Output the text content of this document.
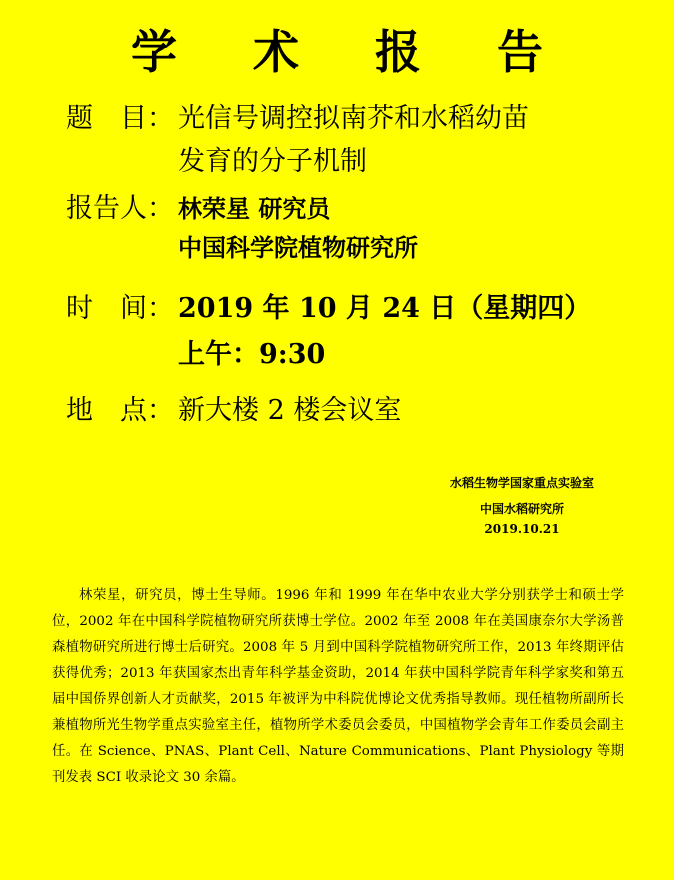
学 术 报 告
题　目： 光信号调控拟南芥和水稻幼苗
发育的分子机制
报告人： 林荣星 研究员
中国科学院植物研究所
时　间： 2019 年 10 月 24 日（星期四）
上午：9:30
地　点： 新大楼 2 楼会议室
水稻生物学国家重点实验室
中国水稻研究所
2019.10.21
林荣星，研究员，博士生导师。1996 年和 1999 年在华中农业大学分别获学士和硕士学位，2002 年在中国科学院植物研究所获博士学位。2002 年至 2008 年在美国康奈尔大学汤普森植物研究所进行博士后研究。2008 年 5 月到中国科学院植物研究所工作，2013 年终期评估获得优秀；2013 年获国家杰出青年科学基金资助，2014 年获中国科学院青年科学家奖和第五届中国侨界创新人才贡献奖，2015 年被评为中科院优博论文优秀指导教师。现任植物所副所长兼植物所光生物学重点实验室主任，植物所学术委员会委员，中国植物学会青年工作委员会副主任。在 Science、PNAS、Plant Cell、Nature Communications、Plant Physiology 等期刊发表 SCI 收录论文 30 余篇。
